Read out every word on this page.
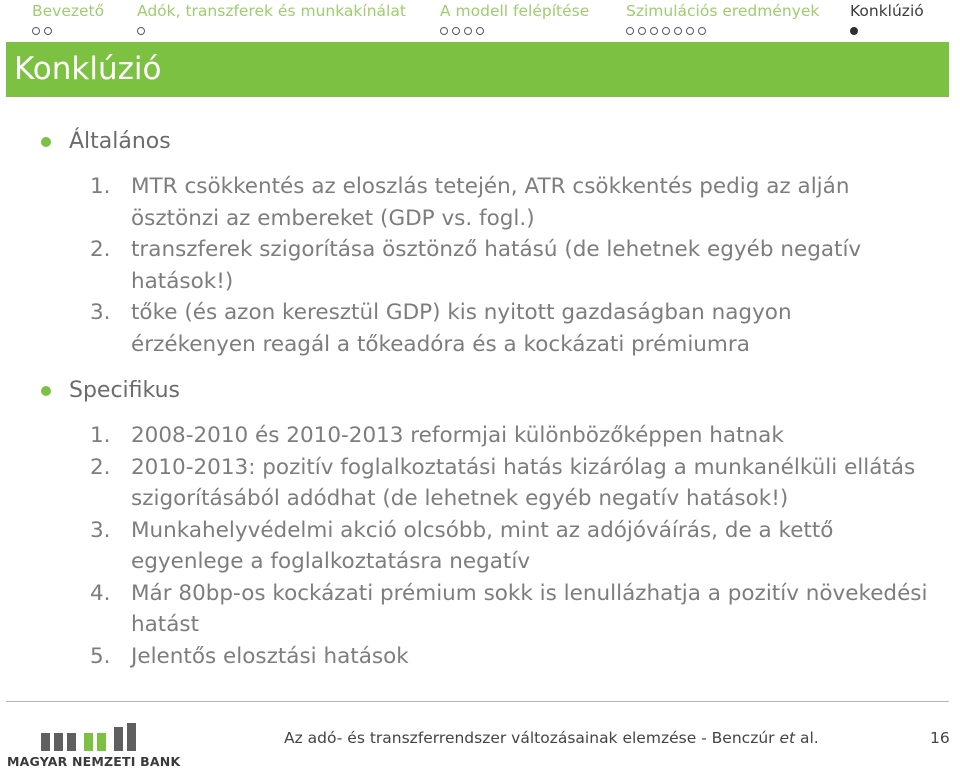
Bevezető Adók, transzferek és munkakínálat A modell felépítése Szimulációs eredmények Konklúzió
Konklúzió
Általános
1. MTR csökkentés az eloszlás tetején, ATR csökkentés pedig az alján ösztönzi az embereket (GDP vs. fogl.)
2. transzferek szigorítása ösztönző hatású (de lehetnek egyéb negatív hatások!)
3. tőke (és azon keresztül GDP) kis nyitott gazdaságban nagyon érzékenyen reagál a tőkeadóra és a kockázati prémiumra
Specifikus
1. 2008-2010 és 2010-2013 reformjai különbözőképpen hatnak
2. 2010-2013: pozitív foglalkoztatási hatás kizárólag a munkanélküli ellátás szigorításából adódhat (de lehetnek egyéb negatív hatások!)
3. Munkahelyvédelmi akció olcsóbb, mint az adójóváírás, de a kettő egyenlege a foglalkoztatásra negatív
4. Már 80bp-os kockázati prémium sokk is lenullázhatja a pozitív növekedési hatást
5. Jelentős elosztási hatások
MAGYAR NEMZETI BANK
Az adó- és transzferrendszer változásainak elemzése - Benczúr et al.	16
